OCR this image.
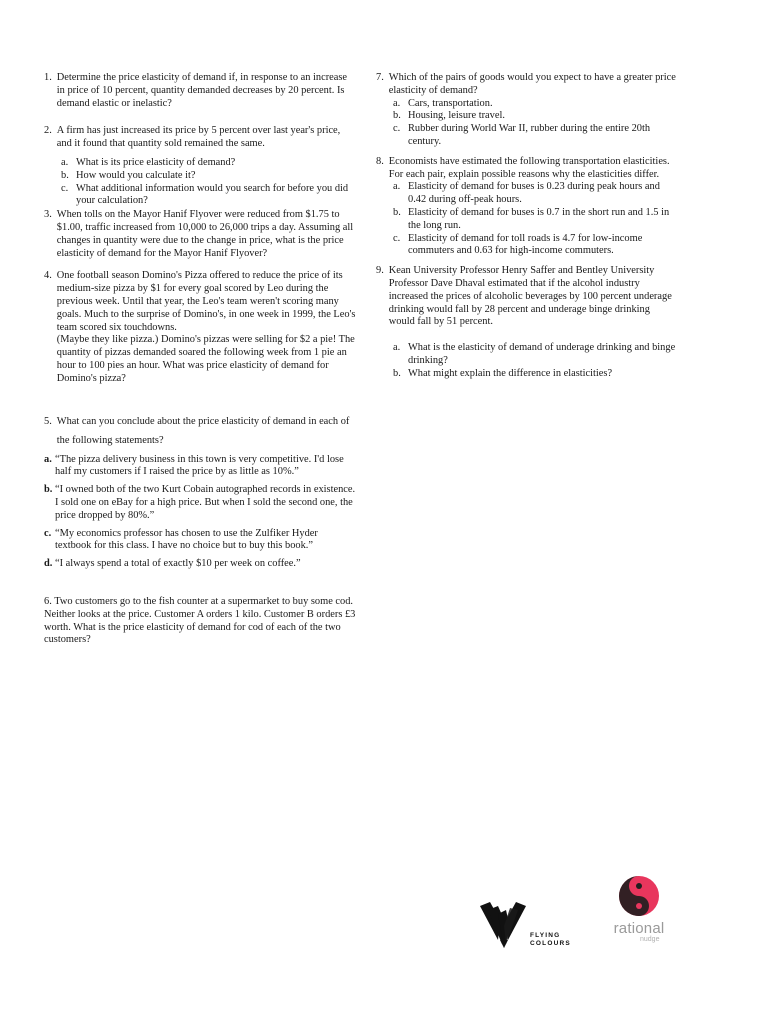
1. Determine the price elasticity of demand if, in response to an increase in price of 10 percent, quantity demanded decreases by 20 percent. Is demand elastic or inelastic?
2. A firm has just increased its price by 5 percent over last year's price, and it found that quantity sold remained the same.
a. What is its price elasticity of demand?
b. How would you calculate it?
c. What additional information would you search for before you did your calculation?
3. When tolls on the Mayor Hanif Flyover were reduced from $1.75 to $1.00, traffic increased from 10,000 to 26,000 trips a day. Assuming all changes in quantity were due to the change in price, what is the price elasticity of demand for the Mayor Hanif Flyover?
4. One football season Domino's Pizza offered to reduce the price of its medium-size pizza by $1 for every goal scored by Leo during the previous week. Until that year, the Leo's team weren't scoring many goals. Much to the surprise of Domino's, in one week in 1999, the Leo's team scored six touchdowns.
(Maybe they like pizza.) Domino's pizzas were selling for $2 a pie! The quantity of pizzas demanded soared the following week from 1 pie an hour to 100 pies an hour. What was price elasticity of demand for Domino's pizza?
5. What can you conclude about the price elasticity of demand in each of the following statements?
a. “The pizza delivery business in this town is very competitive. I'd lose half my customers if I raised the price by as little as 10%.”
b. “I owned both of the two Kurt Cobain autographed records in existence. I sold one on eBay for a high price. But when I sold the second one, the price dropped by 80%.”
c. “My economics professor has chosen to use the Zulfiker Hyder textbook for this class. I have no choice but to buy this book.”
d. “I always spend a total of exactly $10 per week on coffee.”
6. Two customers go to the fish counter at a supermarket to buy some cod. Neither looks at the price. Customer A orders 1 kilo. Customer B orders £3 worth. What is the price elasticity of demand for cod of each of the two customers?
7. Which of the pairs of goods would you expect to have a greater price elasticity of demand?
a. Cars, transportation.
b. Housing, leisure travel.
c. Rubber during World War II, rubber during the entire 20th century.
8. Economists have estimated the following transportation elasticities. For each pair, explain possible reasons why the elasticities differ.
a. Elasticity of demand for buses is 0.23 during peak hours and 0.42 during off-peak hours.
b. Elasticity of demand for buses is 0.7 in the short run and 1.5 in the long run.
c. Elasticity of demand for toll roads is 4.7 for low-income commuters and 0.63 for high-income commuters.
9. Kean University Professor Henry Saffer and Bentley University Professor Dave Dhaval estimated that if the alcohol industry increased the prices of alcoholic beverages by 100 percent underage drinking would fall by 28 percent and underage binge drinking would fall by 51 percent.
a. What is the elasticity of demand of underage drinking and binge drinking?
b. What might explain the difference in elasticities?
FLYING
COLOURS
rational
nudge
